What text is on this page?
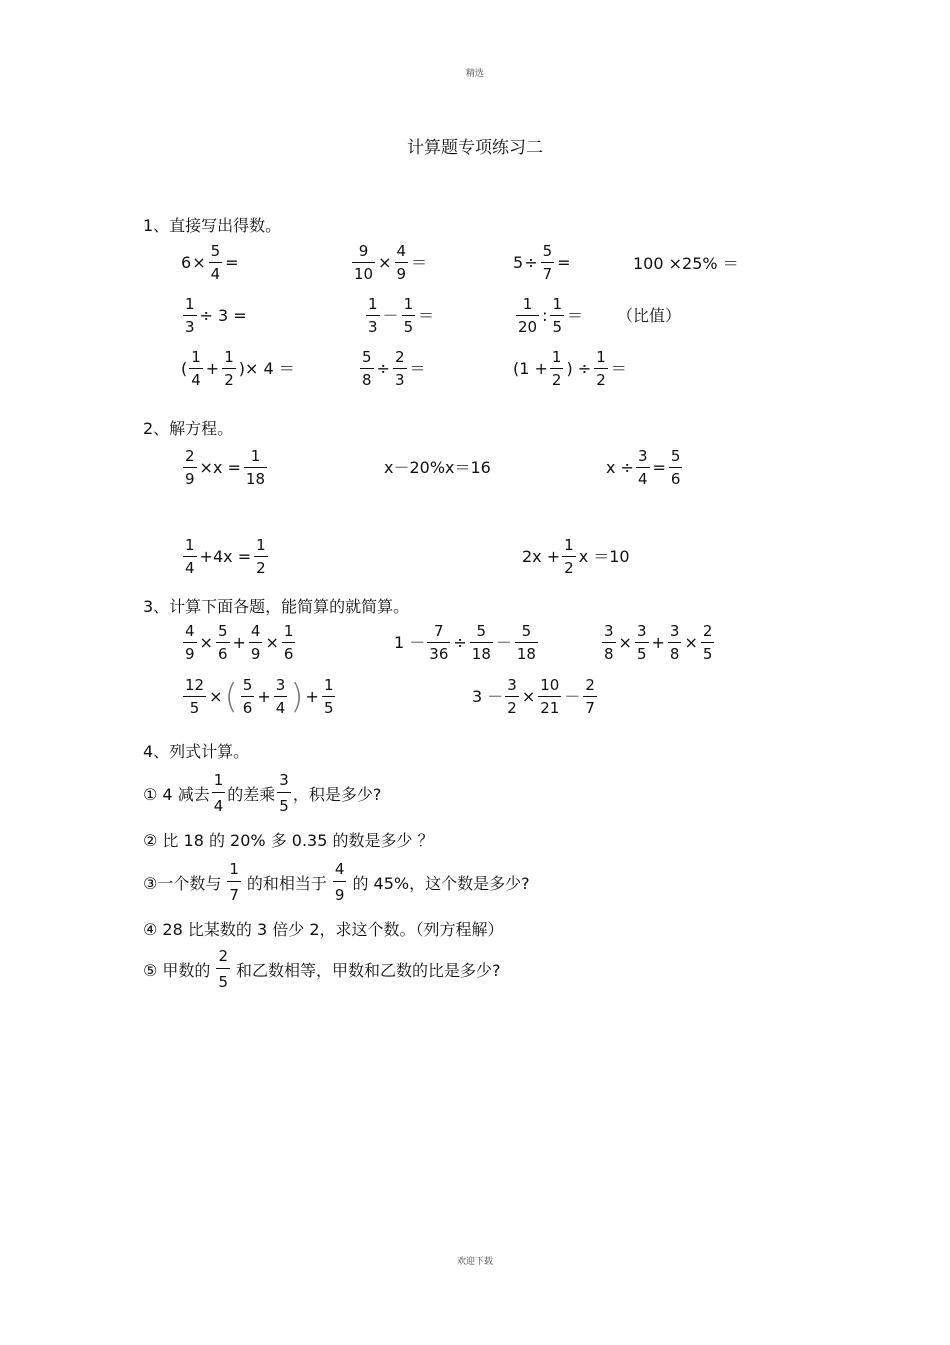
精选
计算题专项练习二
欢迎下载
1、直接写出得数。
$6 \times \frac{5}{4}$ =	$\frac{9}{10} \times \frac{4}{9}$ ＝	$5 \div \frac{5}{7}$ =	100 ×25% ＝
$\frac{1}{3} \div 3$ =	$\frac{1}{3} - \frac{1}{5}$ ＝	$\frac{1}{20}$ : $\frac{1}{5}$ ＝ （比值）
( $\frac{1}{4} + \frac{1}{2}$ )× 4 ＝	$\frac{5}{8} \div \frac{2}{3}$ ＝	($1 + \frac{1}{2}$ ) ÷ $\frac{1}{2}$ ＝
2、解方程。
$\frac{2}{9} \times x = \frac{1}{18}$	x－20%x＝16	$x \div \frac{3}{4} = \frac{5}{6}$
$\frac{1}{4} +4x = \frac{1}{2}$	$2x + \frac{1}{2}$ x ＝10
3、计算下面各题，能简算的就简算。
$\frac{4}{9} \times \frac{5}{6} + \frac{4}{9} \times \frac{1}{6}$	$1 - \frac{7}{36} \div \frac{5}{18} - \frac{5}{18}$	$\frac{3}{8} \times \frac{3}{5} + \frac{3}{8} \times \frac{2}{5}$
$\frac{12}{5}$ × ( $\frac{5}{6} + \frac{3}{4}$ ) + $\frac{1}{5}$	$3 - \frac{3}{2} \times \frac{10}{21} - \frac{2}{7}$
4、列式计算。
① 4 减去 $\frac{1}{4}$ 的差乘 $\frac{3}{5}$ ，积是多少?
② 比 18 的 20% 多 0.35 的数是多少 ？
③一个数与 $\frac{1}{7}$ 的和相当于 $\frac{4}{9}$ 的 45%，这个数是多少?
④ 28 比某数的 3 倍少 2，求这个数。（列方程解）
⑤ 甲数的 $\frac{2}{5}$ 和乙数相等，甲数和乙数的比是多少?
